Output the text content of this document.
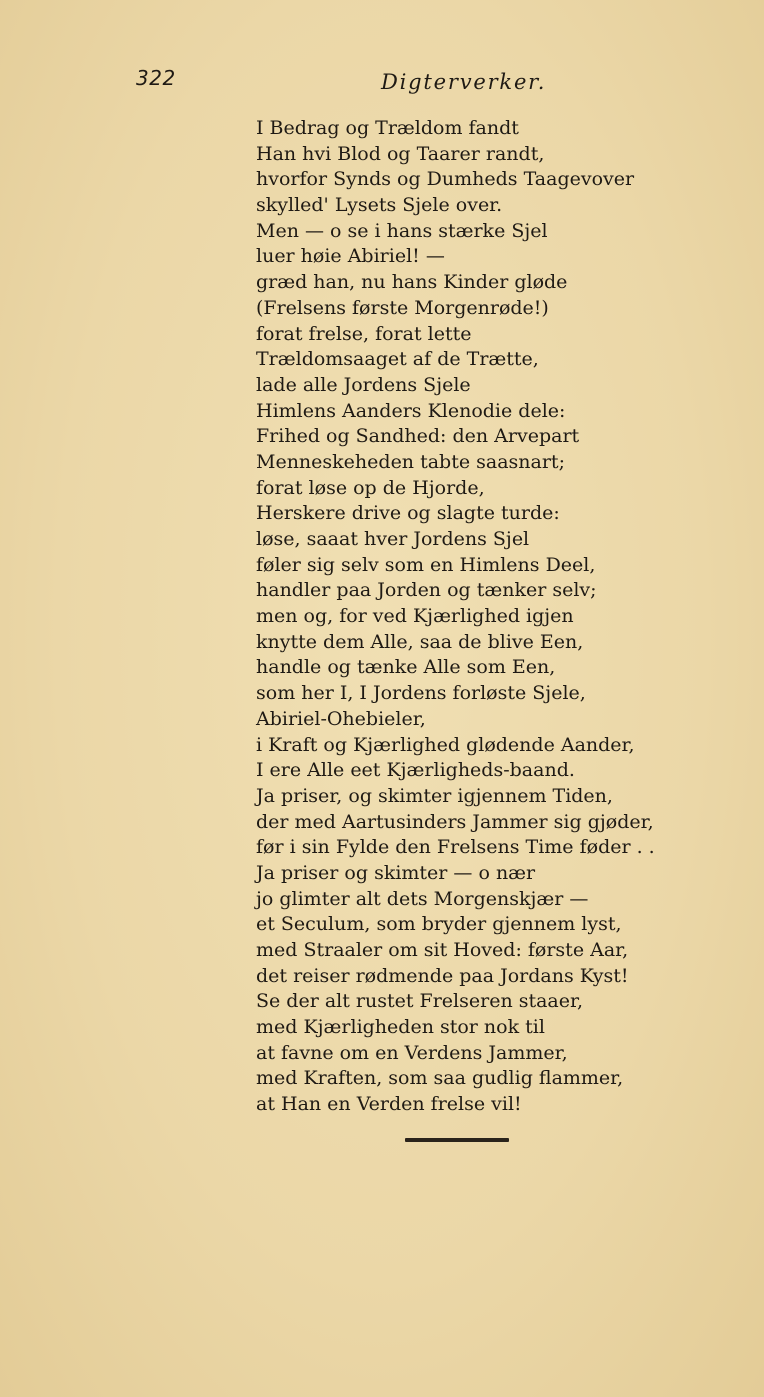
322	Digterverker.
I Bedrag og Trældom fandt
Han hvi Blod og Taarer randt,
hvorfor Synds og Dumheds Taagevover
skylled' Lysets Sjele over.
Men — o se i hans stærke Sjel
luer høie Abiriel! —
græd han, nu hans Kinder gløde
(Frelsens første Morgenrøde!)
forat frelse, forat lette
Trældomsaaget af de Trætte,
lade alle Jordens Sjele
Himlens Aanders Klenodie dele:
Frihed og Sandhed: den Arvepart
Menneskeheden tabte saasnart;
forat løse op de Hjorde,
Herskere drive og slagte turde:
løse, saaat hver Jordens Sjel
føler sig selv som en Himlens Deel,
handler paa Jorden og tænker selv;
men og, for ved Kjærlighed igjen
knytte dem Alle, saa de blive Een,
handle og tænke Alle som Een,
som her I, I Jordens forløste Sjele,
Abiriel-Ohebieler,
i Kraft og Kjærlighed glødende Aander,
I ere Alle eet Kjærligheds-baand.
Ja priser, og skimter igjennem Tiden,
der med Aartusinders Jammer sig gjøder,
før i sin Fylde den Frelsens Time føder . .
Ja priser og skimter — o nær
jo glimter alt dets Morgenskjær —
et Seculum, som bryder gjennem lyst,
med Straaler om sit Hoved: første Aar,
det reiser rødmende paa Jordans Kyst!
Se der alt rustet Frelseren staaer,
med Kjærligheden stor nok til
at favne om en Verdens Jammer,
med Kraften, som saa gudlig flammer,
at Han en Verden frelse vil!
